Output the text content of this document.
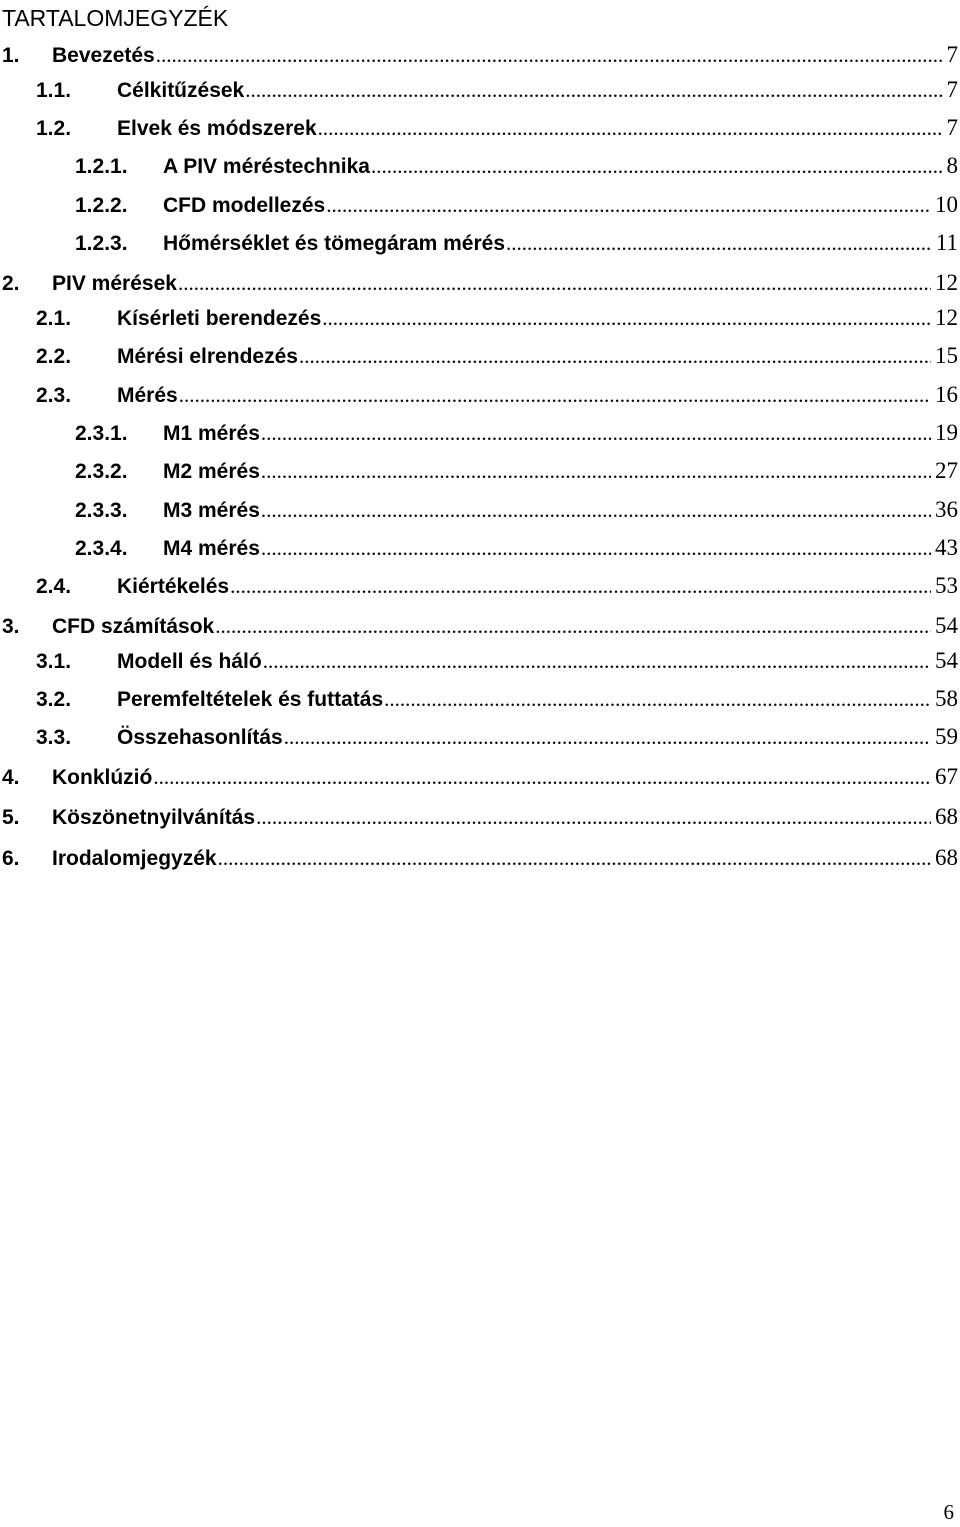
TARTALOMJEGYZÉK
1.	Bevezetés .....	7
1.1.	Célkitűzések .....	7
1.2.	Elvek és módszerek .....	7
1.2.1.	A PIV méréstechnika .....	8
1.2.2.	CFD modellezés .....	10
1.2.3.	Hőmérséklet és tömegáram mérés .....	11
2.	PIV mérések .....	12
2.1.	Kísérleti berendezés .....	12
2.2.	Mérési elrendezés .....	15
2.3.	Mérés .....	16
2.3.1.	M1 mérés .....	19
2.3.2.	M2 mérés .....	27
2.3.3.	M3 mérés .....	36
2.3.4.	M4 mérés .....	43
2.4.	Kiértékelés .....	53
3.	CFD számítások .....	54
3.1.	Modell és háló .....	54
3.2.	Peremfeltételek és futtatás .....	58
3.3.	Összehasonlítás .....	59
4.	Konklúzió .....	67
5.	Köszönetnyilvánítás .....	68
6.	Irodalomjegyzék .....	68
6
